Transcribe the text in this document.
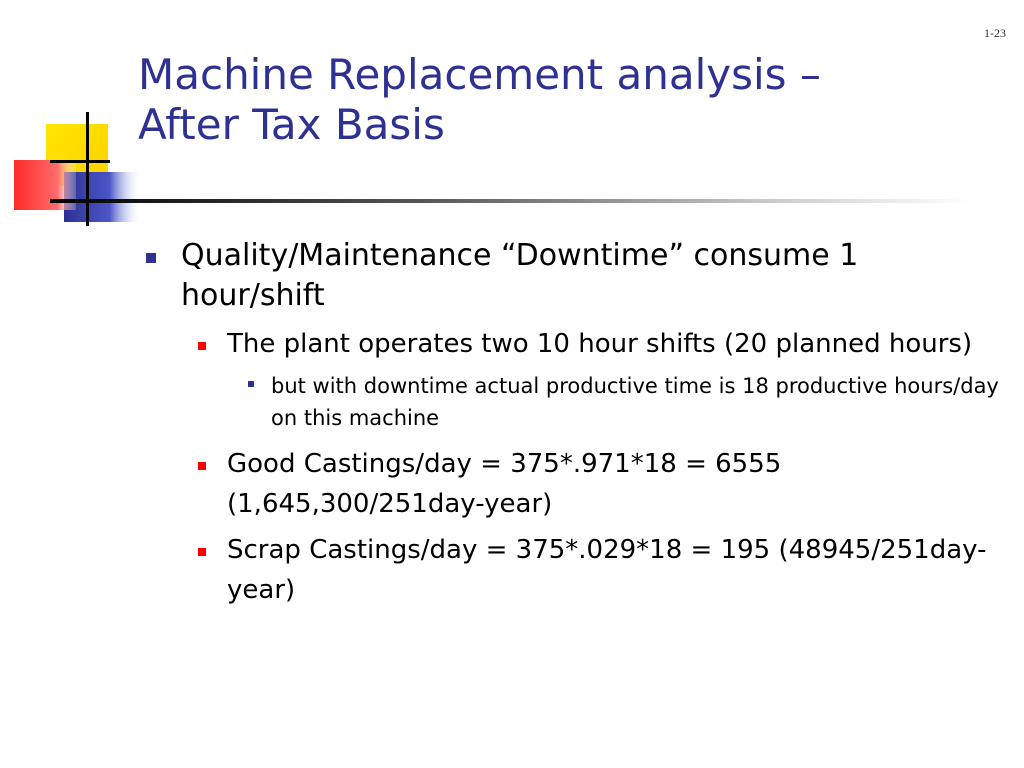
1-23
Machine Replacement analysis –
After Tax Basis
Quality/Maintenance “Downtime” consume 1 hour/shift
The plant operates two 10 hour shifts (20 planned hours)
but with downtime actual productive time is 18 productive hours/day on this machine
Good Castings/day = 375*.971*18 = 6555 (1,645,300/251day-year)
Scrap Castings/day = 375*.029*18 = 195 (48945/251day-year)
